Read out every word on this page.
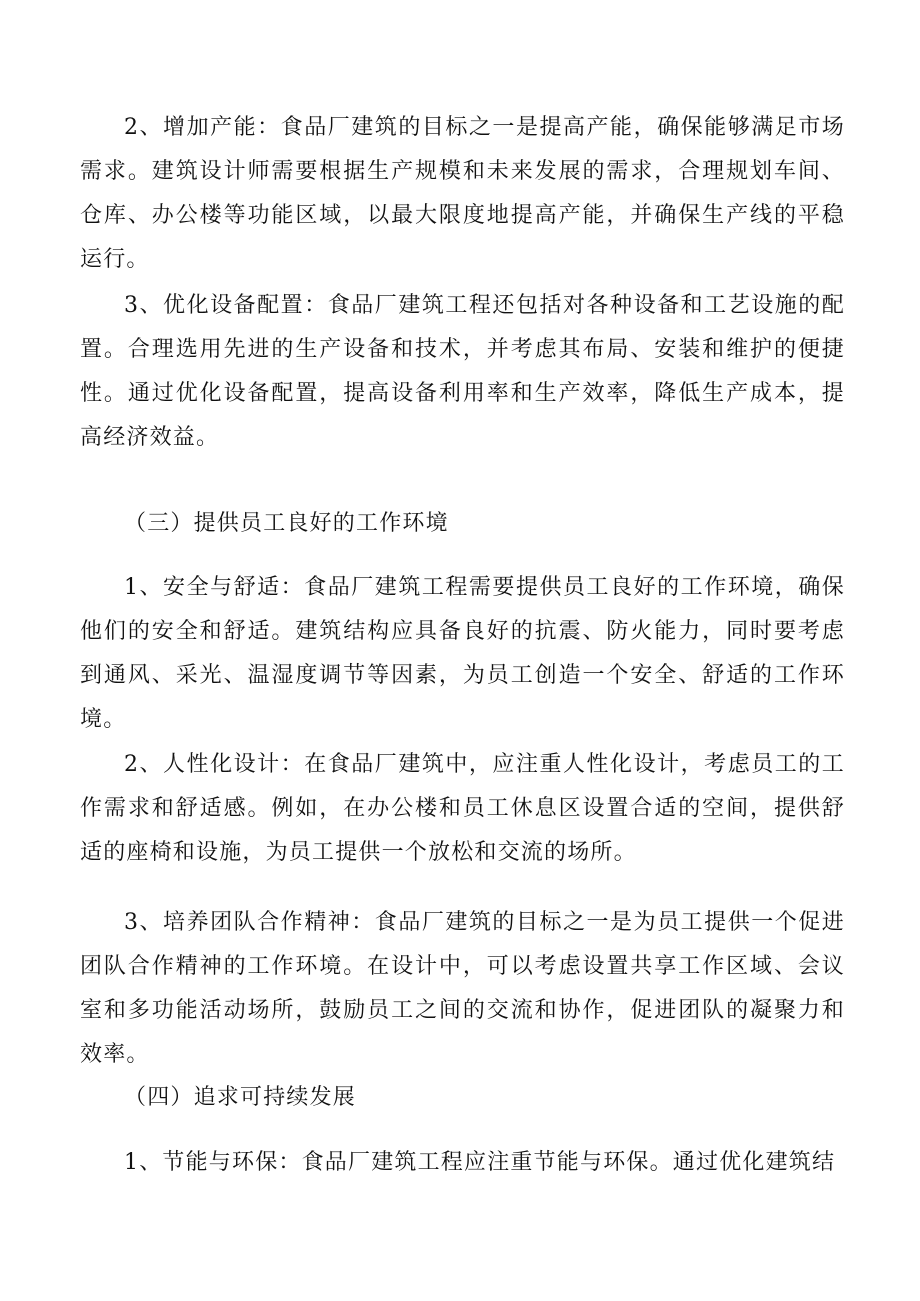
2、增加产能：食品厂建筑的目标之一是提高产能，确保能够满足市场需求。建筑设计师需要根据生产规模和未来发展的需求，合理规划车间、仓库、办公楼等功能区域，以最大限度地提高产能，并确保生产线的平稳运行。

3、优化设备配置：食品厂建筑工程还包括对各种设备和工艺设施的配置。合理选用先进的生产设备和技术，并考虑其布局、安装和维护的便捷性。通过优化设备配置，提高设备利用率和生产效率，降低生产成本，提高经济效益。

（三）提供员工良好的工作环境

1、安全与舒适：食品厂建筑工程需要提供员工良好的工作环境，确保他们的安全和舒适。建筑结构应具备良好的抗震、防火能力，同时要考虑到通风、采光、温湿度调节等因素，为员工创造一个安全、舒适的工作环境。

2、人性化设计：在食品厂建筑中，应注重人性化设计，考虑员工的工作需求和舒适感。例如，在办公楼和员工休息区设置合适的空间，提供舒适的座椅和设施，为员工提供一个放松和交流的场所。

3、培养团队合作精神：食品厂建筑的目标之一是为员工提供一个促进团队合作精神的工作环境。在设计中，可以考虑设置共享工作区域、会议室和多功能活动场所，鼓励员工之间的交流和协作，促进团队的凝聚力和效率。

（四）追求可持续发展

1、节能与环保：食品厂建筑工程应注重节能与环保。通过优化建筑结
